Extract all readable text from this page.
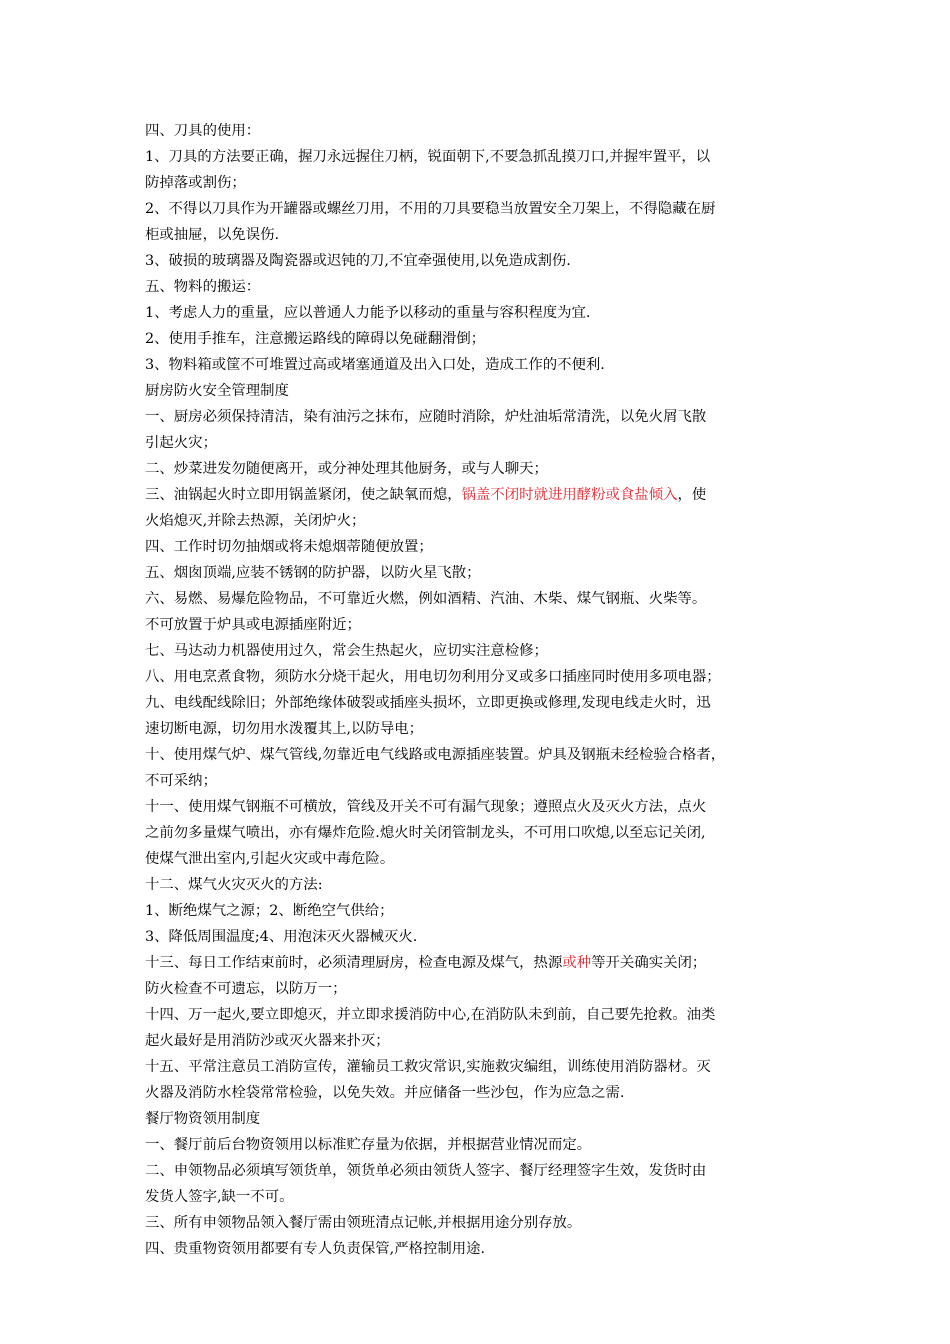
四、刀具的使用：
1、刀具的方法要正确，握刀永远握住刀柄，锐面朝下,不要急抓乱摸刀口,并握牢置平，以
防掉落或割伤；
2、不得以刀具作为开罐器或螺丝刀用，不用的刀具要稳当放置安全刀架上，不得隐藏在厨
柜或抽屉，以免误伤.
3、破损的玻璃器及陶瓷器或迟钝的刀,不宜牵强使用,以免造成割伤.
五、物料的搬运：
1、考虑人力的重量，应以普通人力能予以移动的重量与容积程度为宜.
2、使用手推车，注意搬运路线的障碍以免碰翻滑倒；
3、物料箱或筐不可堆置过高或堵塞通道及出入口处，造成工作的不便利.
厨房防火安全管理制度
一、厨房必须保持清洁，染有油污之抹布，应随时消除，炉灶油垢常清洗，以免火屑飞散
引起火灾；
二、炒菜进发勿随便离开，或分神处理其他厨务，或与人聊天；
三、油锅起火时立即用锅盖紧闭，使之缺氧而熄，锅盖不闭时就进用酵粉或食盐倾入，使
火焰熄灭,并除去热源，关闭炉火；
四、工作时切勿抽烟或将未熄烟蒂随便放置；
五、烟囱顶端,应装不锈钢的防护器，以防火星飞散；
六、易燃、易爆危险物品，不可靠近火燃，例如酒精、汽油、木柴、煤气钢瓶、火柴等。
不可放置于炉具或电源插座附近；
七、马达动力机器使用过久，常会生热起火，应切实注意检修；
八、用电烹煮食物，须防水分烧干起火，用电切勿利用分叉或多口插座同时使用多项电器；
九、电线配线除旧；外部绝缘体破裂或插座头损坏，立即更换或修理,发现电线走火时，迅
速切断电源，切勿用水泼覆其上,以防导电；
十、使用煤气炉、煤气管线,勿靠近电气线路或电源插座装置。炉具及钢瓶未经检验合格者，
不可采纳；
十一、使用煤气钢瓶不可横放，管线及开关不可有漏气现象；遵照点火及灭火方法，点火
之前勿多量煤气喷出，亦有爆炸危险.熄火时关闭管制龙头，不可用口吹熄,以至忘记关闭,
使煤气泄出室内,引起火灾或中毒危险。
十二、煤气火灾灭火的方法:
1、断绝煤气之源；2、断绝空气供给；
3、降低周围温度;4、用泡沫灭火器械灭火.
十三、每日工作结束前时，必须清理厨房，检查电源及煤气，热源或种等开关确实关闭；
防火检查不可遗忘，以防万一；
十四、万一起火,要立即熄灭，并立即求援消防中心,在消防队未到前，自己要先抢救。油类
起火最好是用消防沙或灭火器来扑灭；
十五、平常注意员工消防宣传，灌输员工救灾常识,实施救灾编组，训练使用消防器材。灭
火器及消防水栓袋常常检验，以免失效。并应储备一些沙包，作为应急之需.
餐厅物资领用制度
一、餐厅前后台物资领用以标准贮存量为依据，并根据营业情况而定。
二、申领物品必须填写领货单，领货单必须由领货人签字、餐厅经理签字生效，发货时由
发货人签字,缺一不可。
三、所有申领物品领入餐厅需由领班清点记帐,并根据用途分别存放。
四、贵重物资领用都要有专人负责保管,严格控制用途.
